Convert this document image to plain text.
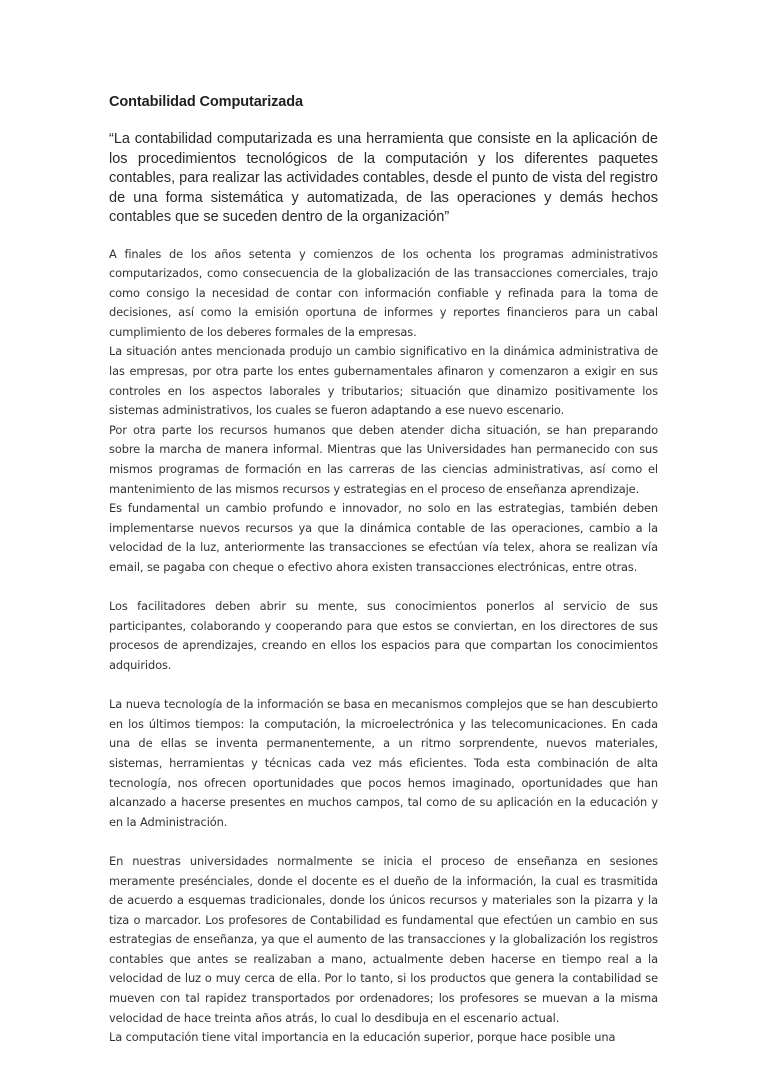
Contabilidad Computarizada
“La contabilidad computarizada es una herramienta que consiste en la aplicación de los procedimientos tecnológicos de la computación y los diferentes paquetes contables, para realizar las actividades contables, desde el punto de vista del registro de una forma sistemática y automatizada, de las operaciones y demás hechos contables que se suceden dentro de la organización”
A finales de los años setenta y comienzos de los ochenta los programas administrativos computarizados, como consecuencia de la globalización de las transacciones comerciales, trajo como consigo la necesidad de contar con información confiable y refinada para la toma de decisiones, así como la emisión oportuna de informes y reportes financieros para un cabal cumplimiento de los deberes formales de la empresas.
La situación antes mencionada produjo un cambio significativo en la dinámica administrativa de las empresas, por otra parte los entes gubernamentales afinaron y comenzaron a exigir en sus controles en los aspectos laborales y tributarios; situación que dinamizo positivamente los sistemas administrativos, los cuales se fueron adaptando a ese nuevo escenario.
Por otra parte los recursos humanos que deben atender dicha situación, se han preparando sobre la marcha de manera informal. Mientras que las Universidades han permanecido con sus mismos programas de formación en las carreras de las ciencias administrativas, así como el mantenimiento de las mismos recursos y estrategias en el proceso de enseñanza aprendizaje.
Es fundamental un cambio profundo e innovador, no solo en las estrategias, también deben implementarse nuevos recursos ya que la dinámica contable de las operaciones, cambio a la velocidad de la luz, anteriormente las transacciones se efectúan vía telex, ahora se realizan vía email, se pagaba con cheque o efectivo ahora existen transacciones electrónicas, entre otras.
Los facilitadores deben abrir su mente, sus conocimientos ponerlos al servicio de sus participantes, colaborando y cooperando para que estos se conviertan, en los directores de sus procesos de aprendizajes, creando en ellos los espacios para que compartan los conocimientos adquiridos.
La nueva tecnología de la información se basa en mecanismos complejos que se han descubierto en los últimos tiempos: la computación, la microelectrónica y las telecomunicaciones. En cada una de ellas se inventa permanentemente, a un ritmo sorprendente, nuevos materiales, sistemas, herramientas y técnicas cada vez más eficientes. Toda esta combinación de alta tecnología, nos ofrecen oportunidades que pocos hemos imaginado, oportunidades que han alcanzado a hacerse presentes en muchos campos, tal como de su aplicación en la educación y en la Administración.
En nuestras universidades normalmente se inicia el proceso de enseñanza en sesiones meramente presénciales, donde el docente es el dueño de la información, la cual es trasmitida de acuerdo a esquemas tradicionales, donde los únicos recursos y materiales son la pizarra y la tiza o marcador. Los profesores de Contabilidad es fundamental que efectúen un cambio en sus estrategias de enseñanza, ya que el aumento de las transacciones y la globalización los registros contables que antes se realizaban a mano, actualmente deben hacerse en tiempo real a la velocidad de luz o muy cerca de ella. Por lo tanto, si los productos que genera la contabilidad se mueven con tal rapidez transportados por ordenadores; los profesores se muevan a la misma velocidad de hace treinta años atrás, lo cual lo desdibuja en el escenario actual.
La computación tiene vital importancia en la educación superior, porque hace posible una
